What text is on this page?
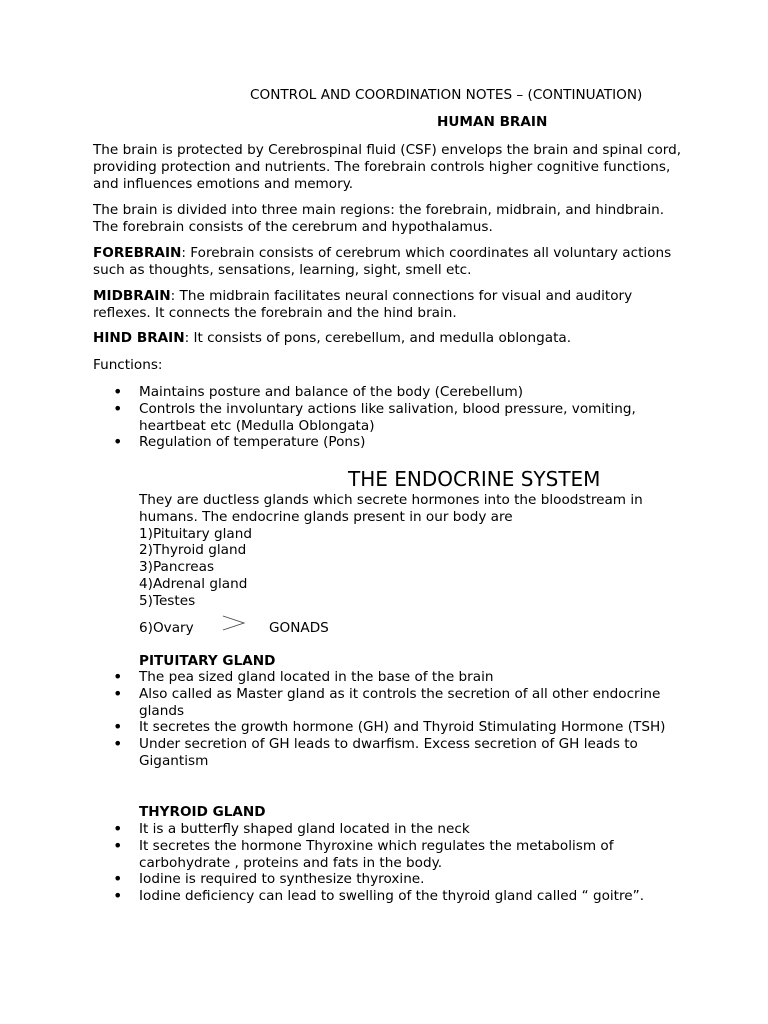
CONTROL AND COORDINATION NOTES – (CONTINUATION)
HUMAN BRAIN

The brain is protected by Cerebrospinal fluid (CSF) envelops the brain and spinal cord, providing protection and nutrients. The forebrain controls higher cognitive functions, and influences emotions and memory.

The brain is divided into three main regions: the forebrain, midbrain, and hindbrain. The forebrain consists of the cerebrum and hypothalamus.

FOREBRAIN: Forebrain consists of cerebrum which coordinates all voluntary actions such as thoughts, sensations, learning, sight, smell etc.

MIDBRAIN: The midbrain facilitates neural connections for visual and auditory reflexes. It connects the forebrain and the hind brain.

HIND BRAIN: It consists of pons, cerebellum, and medulla oblongata.

Functions:
• Maintains posture and balance of the body (Cerebellum)
• Controls the involuntary actions like salivation, blood pressure, vomiting, heartbeat etc (Medulla Oblongata)
• Regulation of temperature (Pons)
THE ENDOCRINE SYSTEM
They are ductless glands which secrete hormones into the bloodstream in humans. The endocrine glands present in our body are
1)Pituitary gland
2)Thyroid gland
3)Pancreas
4)Adrenal gland
5)Testes
6)Ovary	GONADS
PITUITARY GLAND
• The pea sized gland located in the base of the brain
• Also called as Master gland as it controls the secretion of all other endocrine glands
• It secretes the growth hormone (GH) and Thyroid Stimulating Hormone (TSH)
• Under secretion of GH leads to dwarfism. Excess secretion of GH leads to Gigantism
THYROID GLAND
• It is a butterfly shaped gland located in the neck
• It secretes the hormone Thyroxine which regulates the metabolism of carbohydrate , proteins and fats in the body.
• Iodine is required to synthesize thyroxine.
• Iodine deficiency can lead to swelling of the thyroid gland called “ goitre”.
